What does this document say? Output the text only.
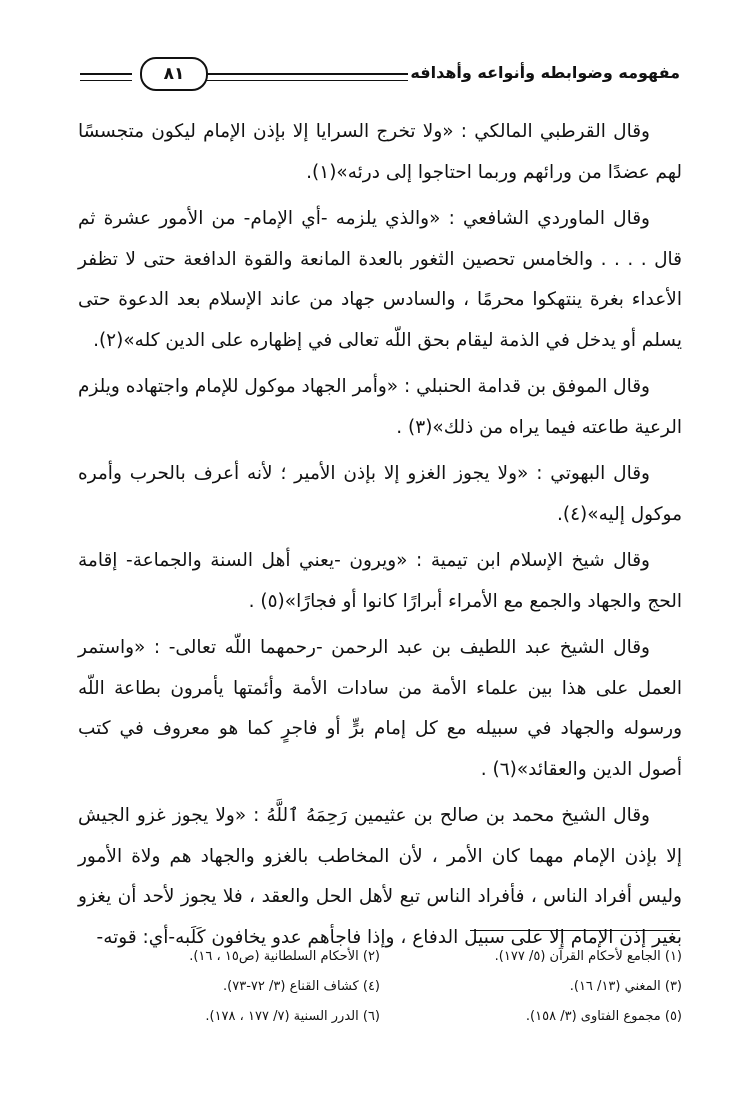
مفهومه وضوابطه وأنواعه وأهدافه
٨١

وقال القرطبي المالكي : «ولا تخرج السرايا إلا بإذن الإمام ليكون متجسسًا لهم عضدًا من ورائهم وربما احتاجوا إلى درئه»(١).

وقال الماوردي الشافعي : «والذي يلزمه -أي الإمام- من الأمور عشرة ثم قال . . . . والخامس تحصين الثغور بالعدة المانعة والقوة الدافعة حتى لا تظفر الأعداء بغرة ينتهكوا محرمًا ، والسادس جهاد من عاند الإسلام بعد الدعوة حتى يسلم أو يدخل في الذمة ليقام بحق اللّه تعالى في إظهاره على الدين كله»(٢).

وقال الموفق بن قدامة الحنبلي : «وأمر الجهاد موكول للإمام واجتهاده ويلزم الرعية طاعته فيما يراه من ذلك»(٣) .

وقال البهوتي : «ولا يجوز الغزو إلا بإذن الأمير ؛ لأنه أعرف بالحرب وأمره موكول إليه»(٤).

وقال شيخ الإسلام ابن تيمية : «ويرون -يعني أهل السنة والجماعة- إقامة الحج والجهاد والجمع مع الأمراء أبرارًا كانوا أو فجارًا»(٥) .

وقال الشيخ عبد اللطيف بن عبد الرحمن -رحمهما اللّه تعالى- : «واستمر العمل على هذا بين علماء الأمة من سادات الأمة وأئمتها يأمرون بطاعة اللّه ورسوله والجهاد في سبيله مع كل إمام برٍّ أو فاجرٍ كما هو معروف في كتب أصول الدين والعقائد»(٦) .

وقال الشيخ محمد بن صالح بن عثيمين رَحِمَهُ ٱللَّهُ : «ولا يجوز غزو الجيش إلا بإذن الإمام مهما كان الأمر ، لأن المخاطب بالغزو والجهاد هم ولاة الأمور وليس أفراد الناس ، فأفراد الناس تبع لأهل الحل والعقد ، فلا يجوز لأحد أن يغزو بغير إذن الإمام إلا على سبيل الدفاع ، وإذا فاجأهم عدو يخافون كَلَبه-أي: قوته-

(١) الجامع لأحكام القرآن (٥/ ١٧٧).
(٢) الأحكام السلطانية (ص١٥ ، ١٦).
(٣) المغني (١٣/ ١٦).
(٤) كشاف القناع (٣/ ٧٢-٧٣).
(٥) مجموع الفتاوى (٣/ ١٥٨).
(٦) الدرر السنية (٧/ ١٧٧ ، ١٧٨).
